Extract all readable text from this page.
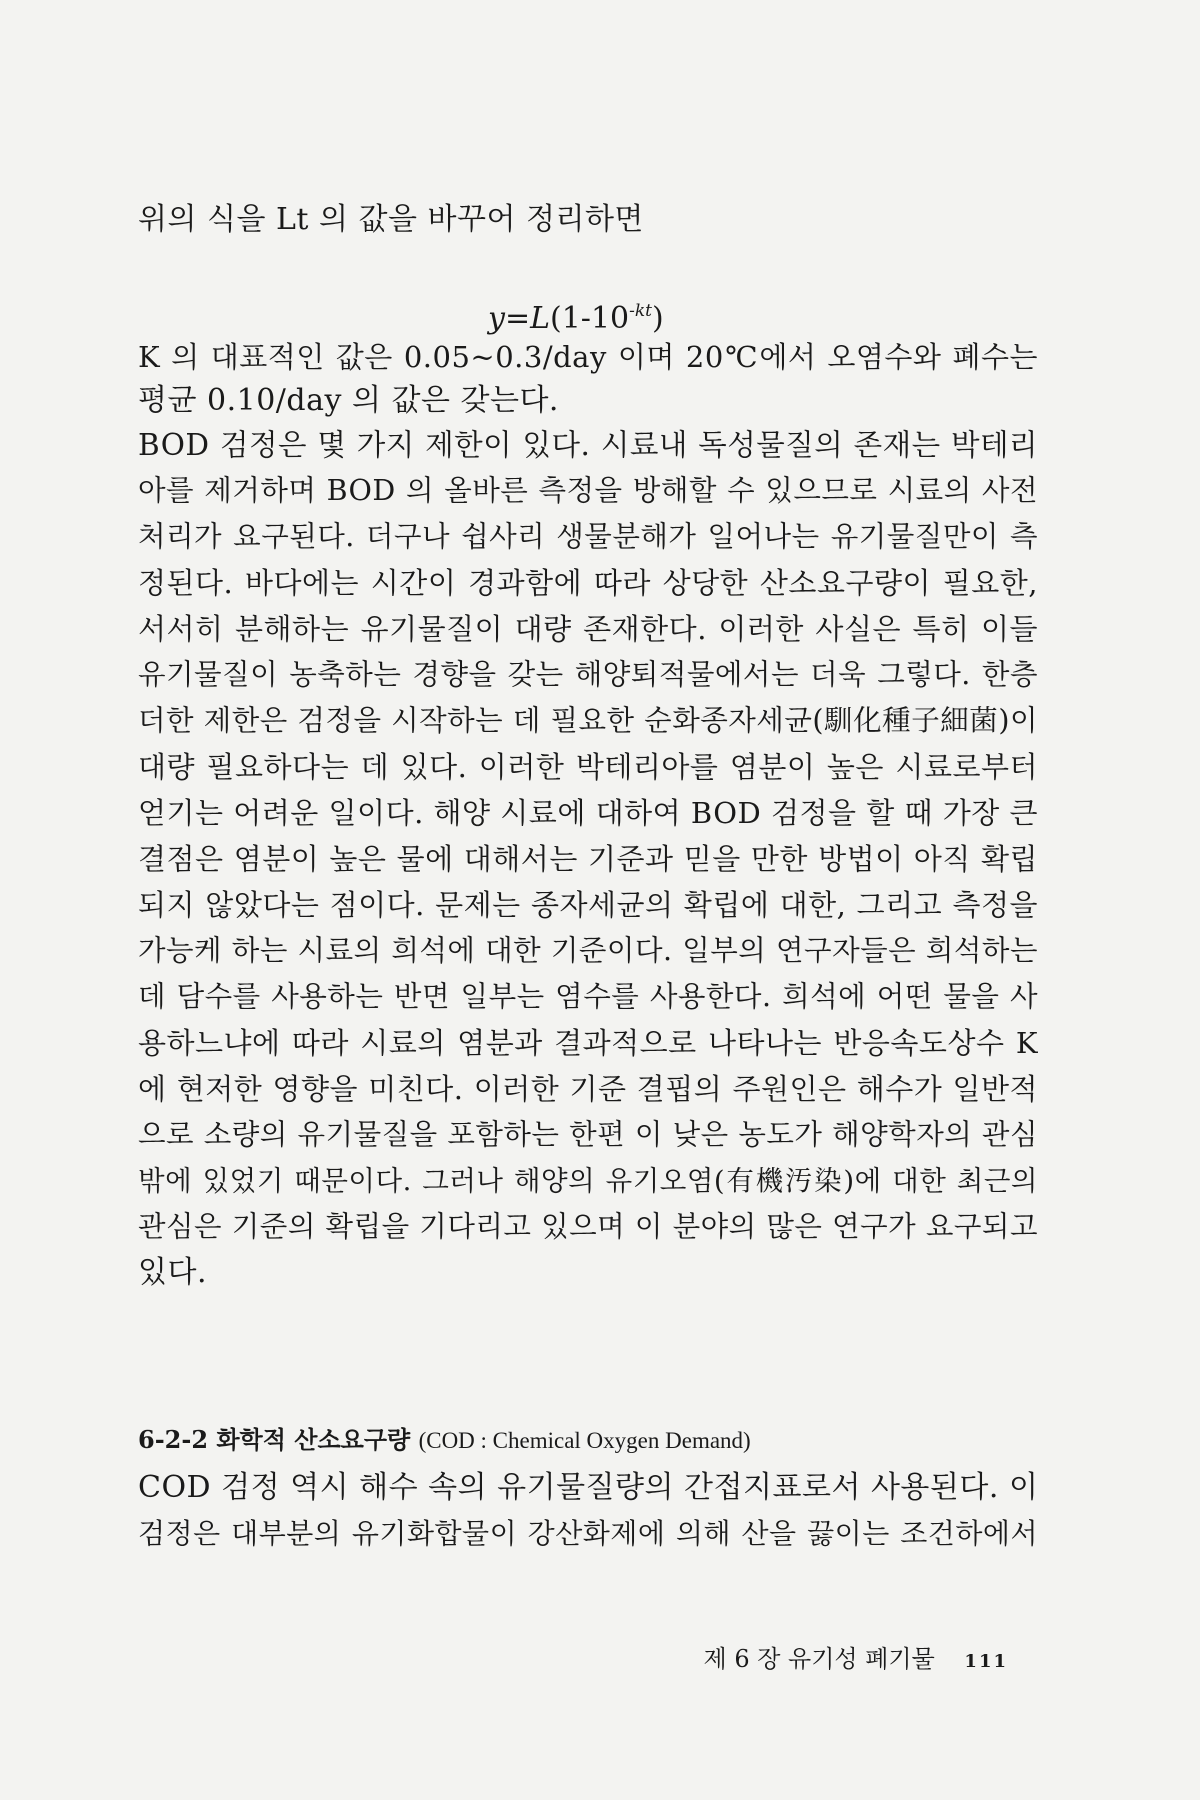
위의 식을 Lt 의 값을 바꾸어 정리하면
$y=L(1-10^{-kt})$
K 의 대표적인 값은 0.05~0.3/day 이며 20℃에서 오염수와 폐수는
평균 0.10/day 의 값은 갖는다.
BOD 검정은 몇 가지 제한이 있다. 시료내 독성물질의 존재는 박테리
아를 제거하며 BOD 의 올바른 측정을 방해할 수 있으므로 시료의 사전
처리가 요구된다. 더구나 쉽사리 생물분해가 일어나는 유기물질만이 측
정된다. 바다에는 시간이 경과함에 따라 상당한 산소요구량이 필요한,
서서히 분해하는 유기물질이 대량 존재한다. 이러한 사실은 특히 이들
유기물질이 농축하는 경향을 갖는 해양퇴적물에서는 더욱 그렇다. 한층
더한 제한은 검정을 시작하는 데 필요한 순화종자세균(馴化種子細菌)이
대량 필요하다는 데 있다. 이러한 박테리아를 염분이 높은 시료로부터
얻기는 어려운 일이다. 해양 시료에 대하여 BOD 검정을 할 때 가장 큰
결점은 염분이 높은 물에 대해서는 기준과 믿을 만한 방법이 아직 확립
되지 않았다는 점이다. 문제는 종자세균의 확립에 대한, 그리고 측정을
가능케 하는 시료의 희석에 대한 기준이다. 일부의 연구자들은 희석하는
데 담수를 사용하는 반면 일부는 염수를 사용한다. 희석에 어떤 물을 사
용하느냐에 따라 시료의 염분과 결과적으로 나타나는 반응속도상수 K
에 현저한 영향을 미친다. 이러한 기준 결핍의 주원인은 해수가 일반적
으로 소량의 유기물질을 포함하는 한편 이 낮은 농도가 해양학자의 관심
밖에 있었기 때문이다. 그러나 해양의 유기오염(有機汚染)에 대한 최근의
관심은 기준의 확립을 기다리고 있으며 이 분야의 많은 연구가 요구되고
있다.
6-2-2 화학적 산소요구량 (COD : Chemical Oxygen Demand)
COD 검정 역시 해수 속의 유기물질량의 간접지표로서 사용된다. 이
검정은 대부분의 유기화합물이 강산화제에 의해 산을 끓이는 조건하에서
제 6 장 유기성 폐기물 111
